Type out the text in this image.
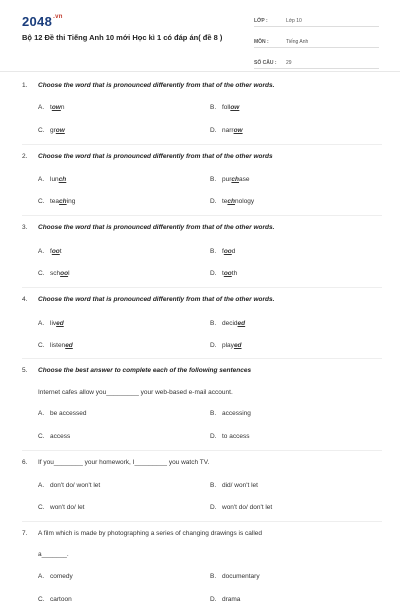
$2048^{.vn}$
Bộ 12 Đề thi Tiếng Anh 10 mới Học kì 1 có đáp án( đề 8 )
LỚP :	Lớp 10
MÔN :	Tiếng Anh
SỐ CÂU :	29
1.	Choose the word that is pronounced differently from that of the other words.
A. town	B. follow
C. grow	D. narrow
2.	Choose the word that is pronounced differently from that of the other words
A. lunch	B. purchase
C. teaching	D. technology
3.	Choose the word that is pronounced differently from that of the other words.
A. foot	B. food
C. school	D. tooth
4.	Choose the word that is pronounced differently from that of the other words.
A. lived	B. decided
C. listened	D. played
5.	Choose the best answer to complete each of the following sentences
Internet cafes allow you_________ your web-based e-mail account.
A. be accessed	B. accessing
C. access	D. to access
6.	If you________ your homework, I_________ you watch TV.
A. don't do/ won't let	B. did/ won't let
C. won't do/ let	D. won't do/ don't let
7.	A film which is made by photographing a series of changing drawings is called
a_______.
A. comedy	B. documentary
C. cartoon	D. drama
